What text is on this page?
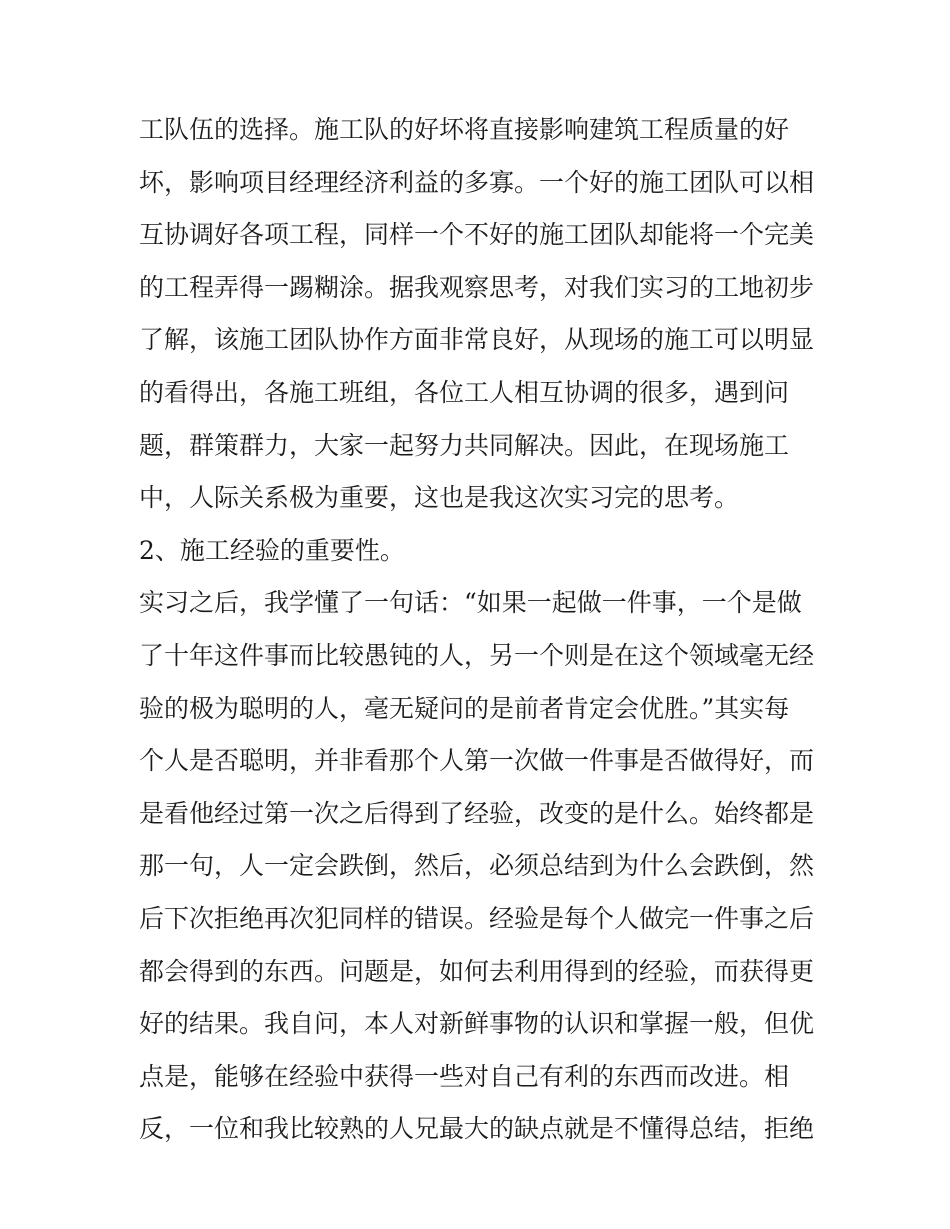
工队伍的选择。施工队的好坏将直接影响建筑工程质量的好
坏，影响项目经理经济利益的多寡。一个好的施工团队可以相
互协调好各项工程，同样一个不好的施工团队却能将一个完美
的工程弄得一踢糊涂。据我观察思考，对我们实习的工地初步
了解，该施工团队协作方面非常良好，从现场的施工可以明显
的看得出，各施工班组，各位工人相互协调的很多，遇到问
题，群策群力，大家一起努力共同解决。因此，在现场施工
中，人际关系极为重要，这也是我这次实习完的思考。
2、施工经验的重要性。
实习之后，我学懂了一句话：“如果一起做一件事，一个是做
了十年这件事而比较愚钝的人，另一个则是在这个领域毫无经
验的极为聪明的人，毫无疑问的是前者肯定会优胜。”其实每
个人是否聪明，并非看那个人第一次做一件事是否做得好，而
是看他经过第一次之后得到了经验，改变的是什么。始终都是
那一句，人一定会跌倒，然后，必须总结到为什么会跌倒，然
后下次拒绝再次犯同样的错误。经验是每个人做完一件事之后
都会得到的东西。问题是，如何去利用得到的经验，而获得更
好的结果。我自问，本人对新鲜事物的认识和掌握一般，但优
点是，能够在经验中获得一些对自己有利的东西而改进。相
反，一位和我比较熟的人兄最大的缺点就是不懂得总结，拒绝
